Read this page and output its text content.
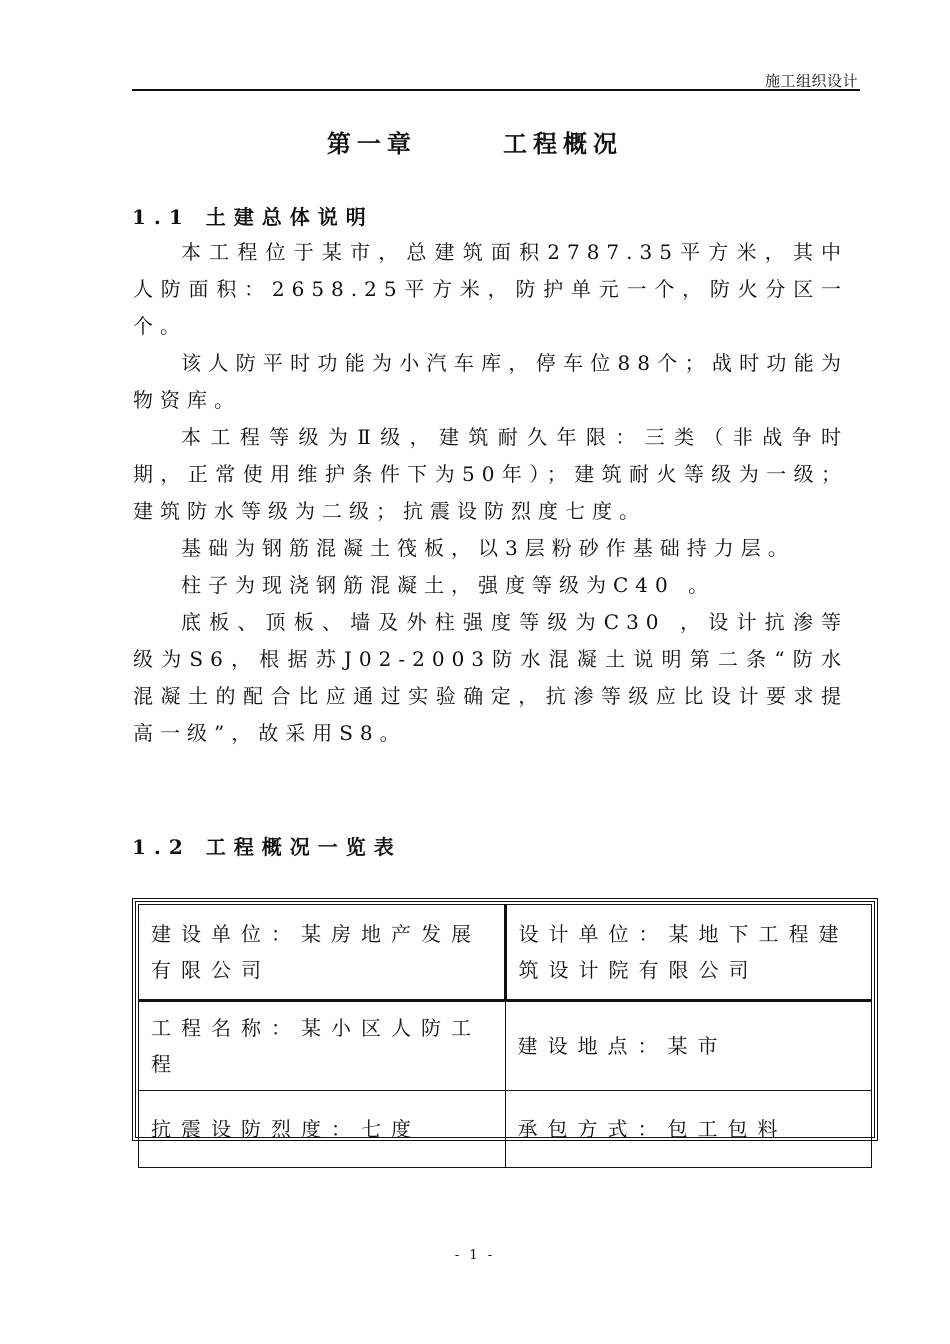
施工组织设计
第一章      工程概况
1.1 土建总体说明

本工程位于某市，总建筑面积2787.35平方米，其中人防面积：2658.25平方米，防护单元一个，防火分区一个。

该人防平时功能为小汽车库，停车位88个；战时功能为物资库。

本工程等级为Ⅱ级，建筑耐久年限：三类（非战争时期，正常使用维护条件下为50年）；建筑耐火等级为一级；建筑防水等级为二级；抗震设防烈度七度。

基础为钢筋混凝土筏板，以3层粉砂作基础持力层。

柱子为现浇钢筋混凝土，强度等级为C40 。

底板、顶板、墙及外柱强度等级为C30 ，设计抗渗等级为S6，根据苏J02-2003防水混凝土说明第二条“防水混凝土的配合比应通过实验确定，抗渗等级应比设计要求提高一级”，故采用S8。

1.2 工程概况一览表
建设单位：某房地产发展有限公司	设计单位：某地下工程建筑设计院有限公司
工程名称：某小区人防工程	建设地点：某市
抗震设防烈度：七度	承包方式：包工包料
- 1 -
